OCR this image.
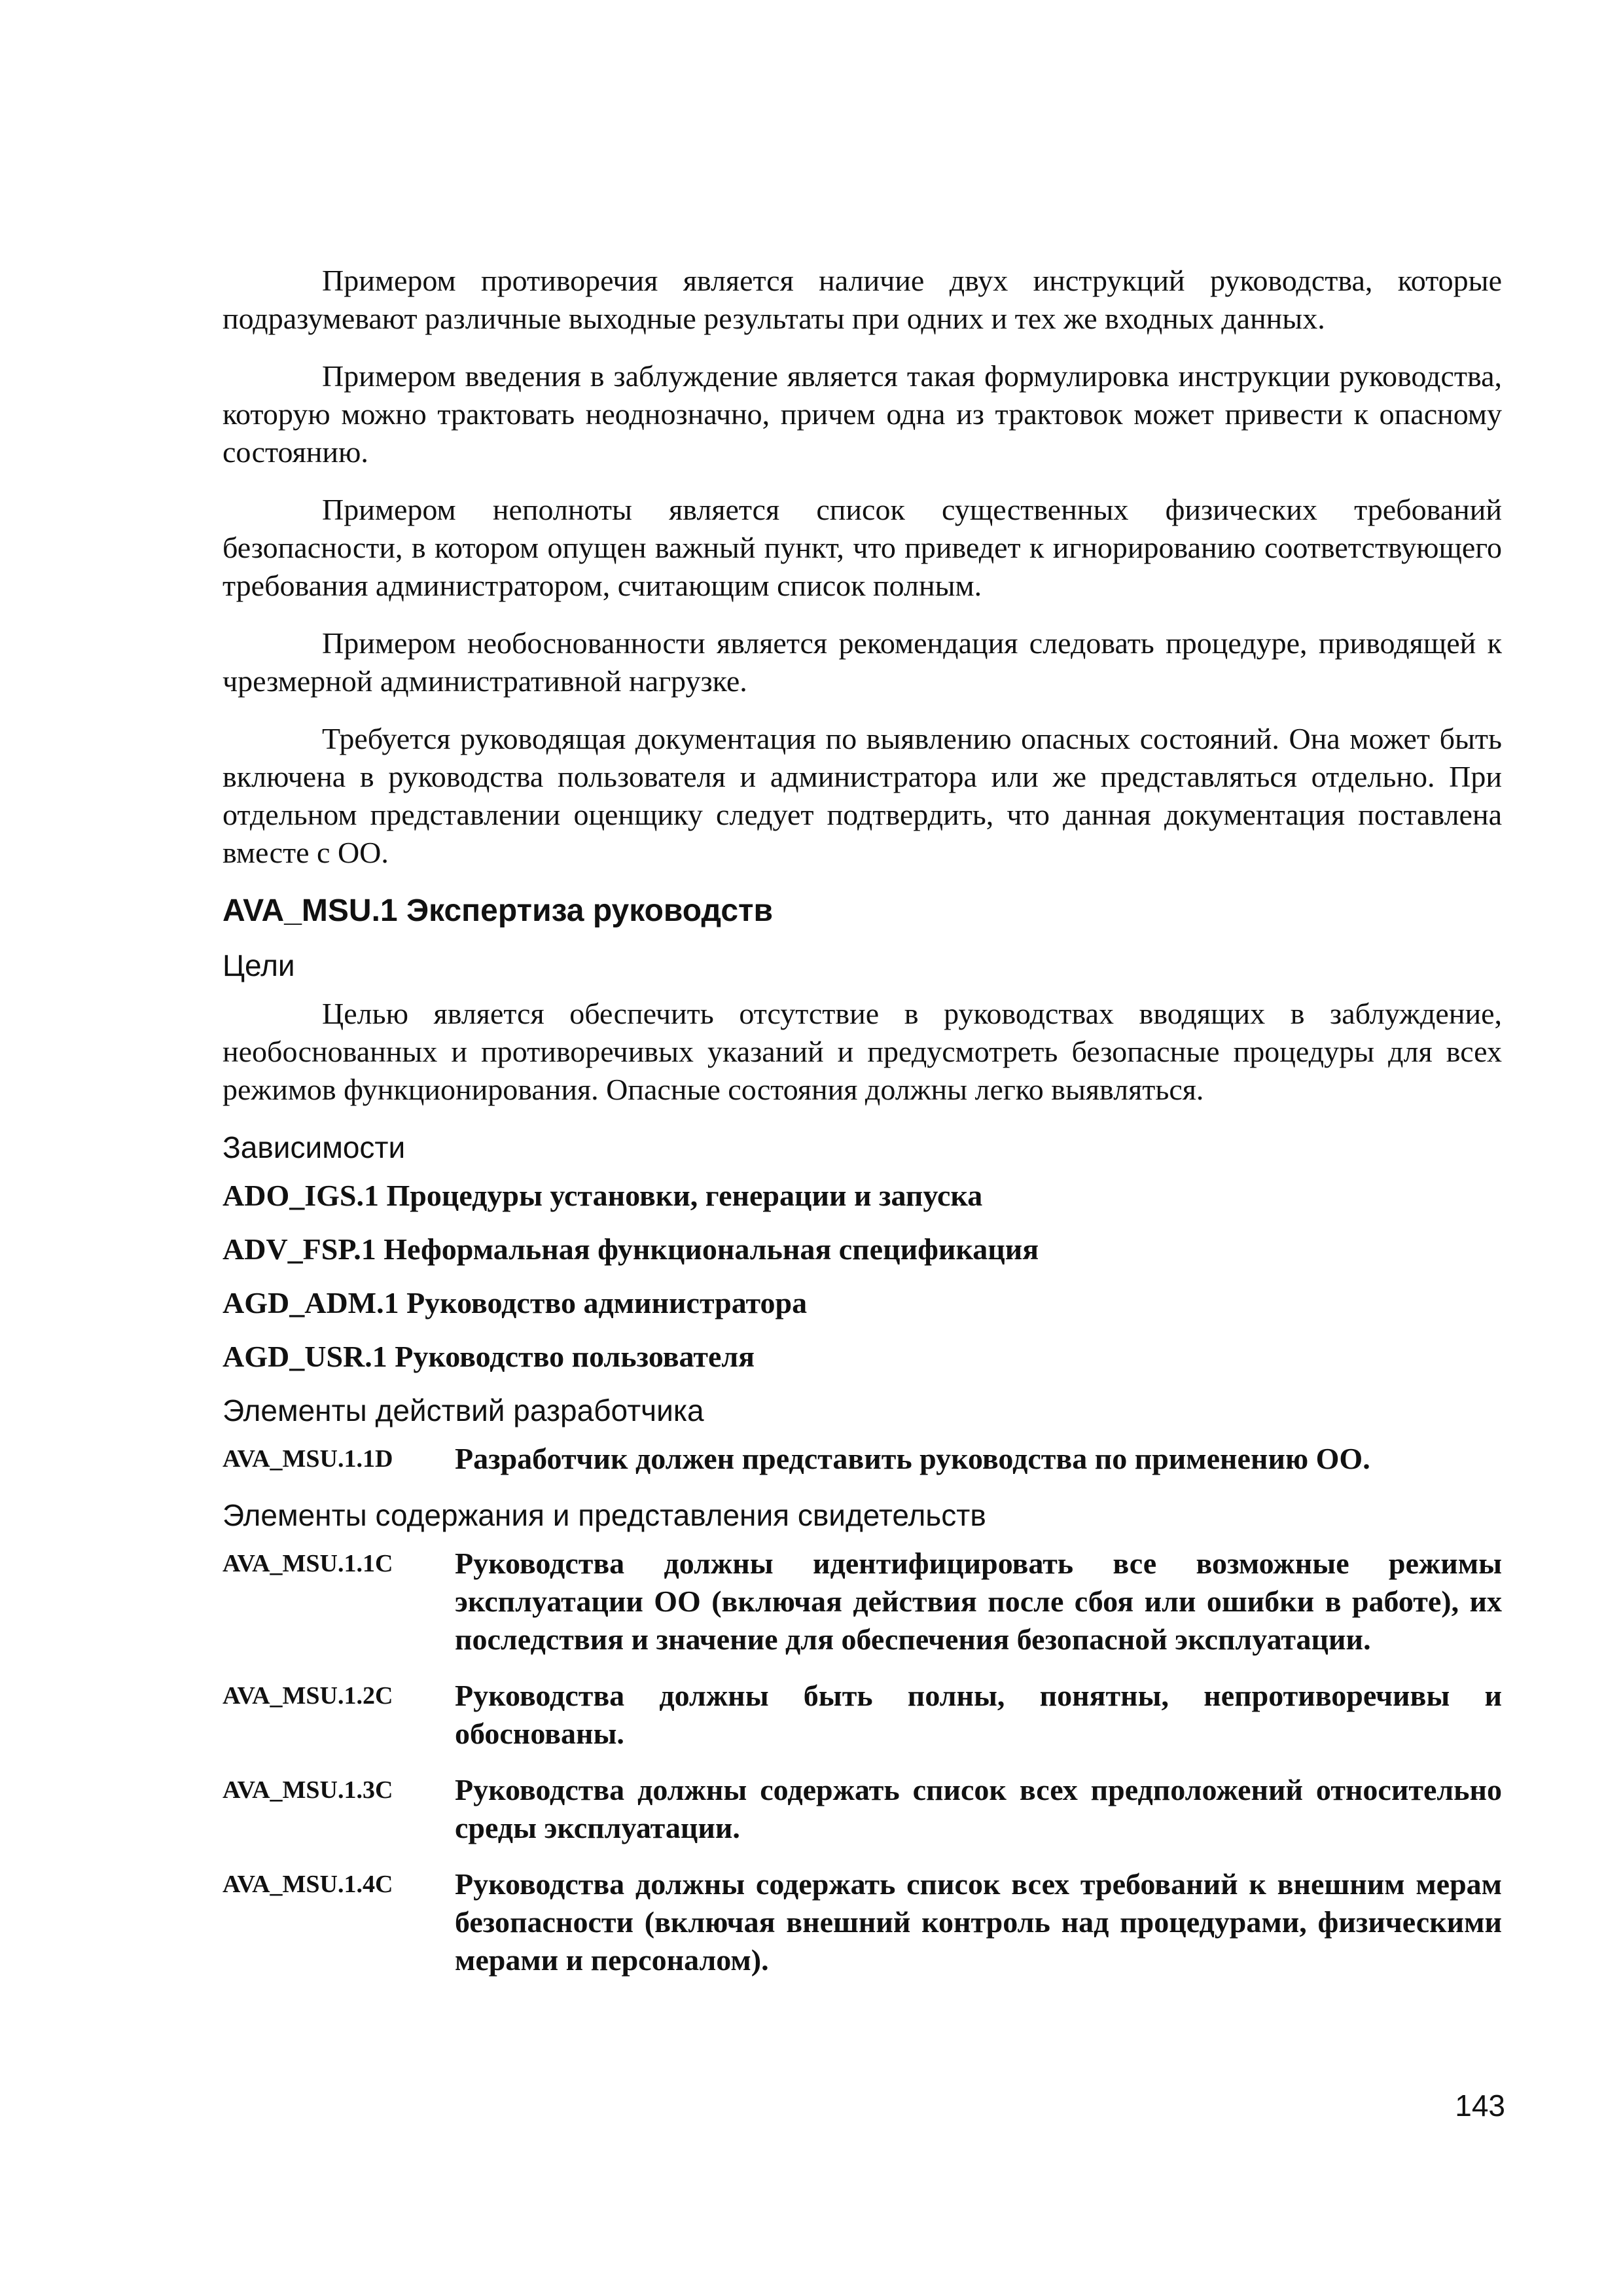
Примером противоречия является наличие двух инструкций руководства, которые подразумевают различные выходные результаты при одних и тех же входных данных.

Примером введения в заблуждение является такая формулировка инструкции руководства, которую можно трактовать неоднозначно, причем одна из трактовок может привести к опасному состоянию.

Примером неполноты является список существенных физических требований безопасности, в котором опущен важный пункт, что приведет к игнорированию соответствующего требования администратором, считающим список полным.

Примером необоснованности является рекомендация следовать процедуре, приводящей к чрезмерной административной нагрузке.

Требуется руководящая документация по выявлению опасных состояний. Она может быть включена в руководства пользователя и администратора или же представляться отдельно. При отдельном представлении оценщику следует подтвердить, что данная документация поставлена вместе с ОО.

AVA_MSU.1 Экспертиза руководств
Цели

Целью является обеспечить отсутствие в руководствах вводящих в заблуждение, необоснованных и противоречивых указаний и предусмотреть безопасные процедуры для всех режимов функционирования. Опасные состояния должны легко выявляться.

Зависимости
ADO_IGS.1 Процедуры установки, генерации и запуска
ADV_FSP.1 Неформальная функциональная спецификация
AGD_ADM.1 Руководство администратора
AGD_USR.1 Руководство пользователя
Элементы действий разработчика
AVA_MSU.1.1D	Разработчик должен представить руководства по применению ОО.
Элементы содержания и представления свидетельств
AVA_MSU.1.1C	Руководства должны идентифицировать все возможные режимы эксплуатации ОО (включая действия после сбоя или ошибки в работе), их последствия и значение для обеспечения безопасной эксплуатации.
AVA_MSU.1.2C	Руководства должны быть полны, понятны, непротиворечивы и обоснованы.
AVA_MSU.1.3C	Руководства должны содержать список всех предположений относительно среды эксплуатации.
AVA_MSU.1.4C	Руководства должны содержать список всех требований к внешним мерам безопасности (включая внешний контроль над процедурами, физическими мерами и персоналом).
143
